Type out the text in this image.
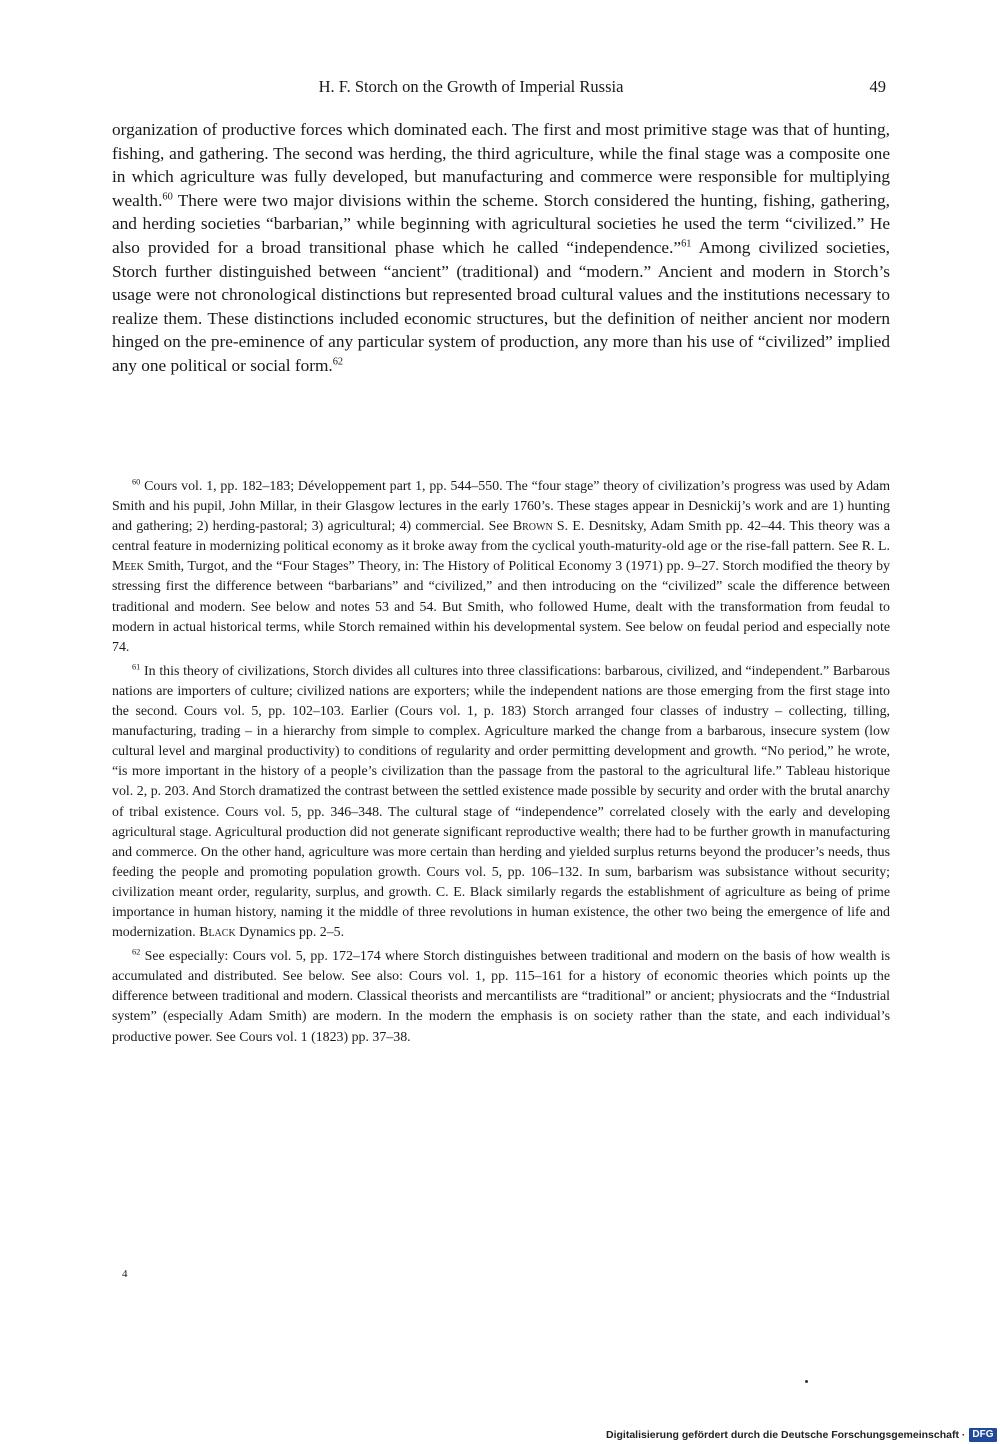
H. F. Storch on the Growth of Imperial Russia	49

organization of productive forces which dominated each. The first and most primitive stage was that of hunting, fishing, and gathering. The second was herding, the third agriculture, while the final stage was a composite one in which agriculture was fully developed, but manufacturing and commerce were responsible for multiplying wealth.$^{60}$ There were two major divisions within the scheme. Storch considered the hunting, fishing, gathering, and herding societies “barbarian,” while beginning with agricultural societies he used the term “civilized.” He also provided for a broad transitional phase which he called “independence.”$^{61}$ Among civilized societies, Storch further distinguished between “ancient” (traditional) and “modern.” Ancient and modern in Storch’s usage were not chronological distinctions but represented broad cultural values and the institutions necessary to realize them. These distinctions included economic structures, but the definition of neither ancient nor modern hinged on the pre-eminence of any particular system of production, any more than his use of “civilized” implied any one political or social form.$^{62}$

$^{60}$ Cours vol. 1, pp. 182–183; Développement part 1, pp. 544–550. The “four stage” theory of civilization’s progress was used by Adam Smith and his pupil, John Millar, in their Glasgow lectures in the early 1760’s. These stages appear in Desnickij’s work and are 1) hunting and gathering; 2) herding-pastoral; 3) agricultural; 4) commercial. See Brown S. E. Desnitsky, Adam Smith pp. 42–44. This theory was a central feature in modernizing political economy as it broke away from the cyclical youth-maturity-old age or the rise-fall pattern. See R. L. Meek Smith, Turgot, and the “Four Stages” Theory, in: The History of Political Economy 3 (1971) pp. 9–27. Storch modified the theory by stressing first the difference between “barbarians” and “civilized,” and then introducing on the “civilized” scale the difference between traditional and modern. See below and notes 53 and 54. But Smith, who followed Hume, dealt with the transformation from feudal to modern in actual historical terms, while Storch remained within his developmental system. See below on feudal period and especially note 74.

$^{61}$ In this theory of civilizations, Storch divides all cultures into three classifications: barbarous, civilized, and “independent.” Barbarous nations are importers of culture; civilized nations are exporters; while the independent nations are those emerging from the first stage into the second. Cours vol. 5, pp. 102–103. Earlier (Cours vol. 1, p. 183) Storch arranged four classes of industry – collecting, tilling, manufacturing, trading – in a hierarchy from simple to complex. Agriculture marked the change from a barbarous, insecure system (low cultural level and marginal productivity) to conditions of regularity and order permitting development and growth. “No period,” he wrote, “is more important in the history of a people’s civilization than the passage from the pastoral to the agricultural life.” Tableau historique vol. 2, p. 203. And Storch dramatized the contrast between the settled existence made possible by security and order with the brutal anarchy of tribal existence. Cours vol. 5, pp. 346–348. The cultural stage of “independence” correlated closely with the early and developing agricultural stage. Agricultural production did not generate significant reproductive wealth; there had to be further growth in manufacturing and commerce. On the other hand, agriculture was more certain than herding and yielded surplus returns beyond the producer’s needs, thus feeding the people and promoting population growth. Cours vol. 5, pp. 106–132. In sum, barbarism was subsistance without security; civilization meant order, regularity, surplus, and growth. C. E. Black similarly regards the establishment of agriculture as being of prime importance in human history, naming it the middle of three revolutions in human existence, the other two being the emergence of life and modernization. Black Dynamics pp. 2–5.

$^{62}$ See especially: Cours vol. 5, pp. 172–174 where Storch distinguishes between traditional and modern on the basis of how wealth is accumulated and distributed. See below. See also: Cours vol. 1, pp. 115–161 for a history of economic theories which points up the difference between traditional and modern. Classical theorists and mercantilists are “traditional” or ancient; physiocrats and the “Industrial system” (especially Adam Smith) are modern. In the modern the emphasis is on society rather than the state, and each individual’s productive power. See Cours vol. 1 (1823) pp. 37–38.

4
Digitalisierung gefördert durch die Deutsche Forschungsgemeinschaft · DFG
